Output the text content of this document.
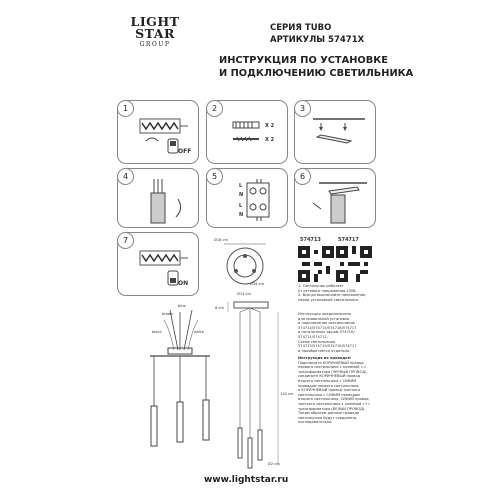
LIGHT
STAR
GROUP
СЕРИЯ TUBO
АРТИКУЛЫ 57471X
ИНСТРУКЦИЯ ПО УСТАНОВКЕ
И ПОДКЛЮЧЕНИЮ СВЕТИЛЬНИКА
1
OFF
2
X 2
X 2
3
4	5
L
N
L
N
6
7
ON
Ø18 cm
Ø34 cm
574713	574717
1. Светильник работает
от сетевого напряжения 230В.
2. Всегда выключайте напряжение,
перед установкой светильника.
Инструкция предназначена
для правильной установки
и подключения светильников
574713/574715/574716/574717
и потолочным чашам 574710/
574711/574712.
Схема светильника
574713/574715/574716/574717
и приобретается отдельно.
Инструкция по проводке:
Подключите КОРИЧНЕВЫЙ провод
первого светильника с клеммой «-»
трансформатора (ЧЕРНЫЙ ПРОВОД),
соедините КОРИЧНЕВЫЙ провод
второго светильника с СИНИМ
проводом первого светильника,
а КОРИЧНЕВЫЙ провод третьего
светильника с СИНИМ проводом
второго светильника. СИНИЙ провод
третьего светильника с клеммой «+»
трансформатора (БЕЛЫЙ ПРОВОД).
Таким образом данные провода
светильника будут соединены
последовательно.
brown
blue
black	white
Ø13 cm
8 cm
130 cm
Ø2 cm
www.lightstar.ru
